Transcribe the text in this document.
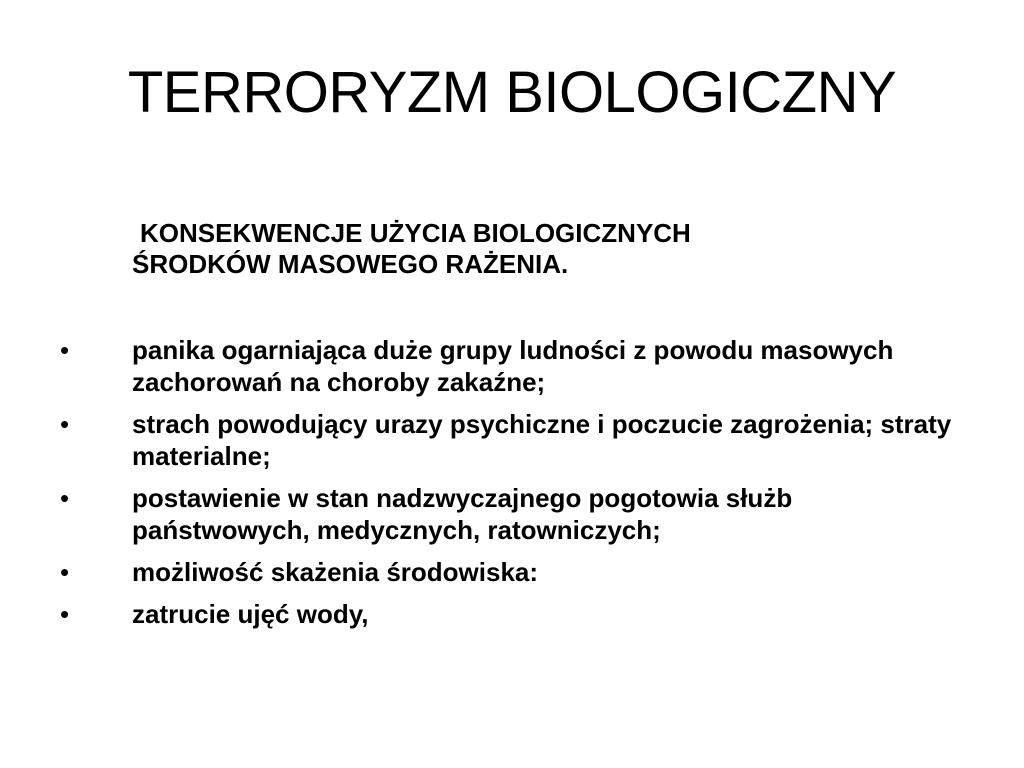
TERRORYZM BIOLOGICZNY
KONSEKWENCJE UŻYCIA BIOLOGICZNYCH
ŚRODKÓW MASOWEGO RAŻENIA.
• panika ogarniająca duże grupy ludności z powodu masowych zachorowań na choroby zakaźne;
• strach powodujący urazy psychiczne i poczucie zagrożenia; straty materialne;
• postawienie w stan nadzwyczajnego pogotowia służb państwowych, medycznych, ratowniczych;
• możliwość skażenia środowiska:
• zatrucie ujęć wody,
